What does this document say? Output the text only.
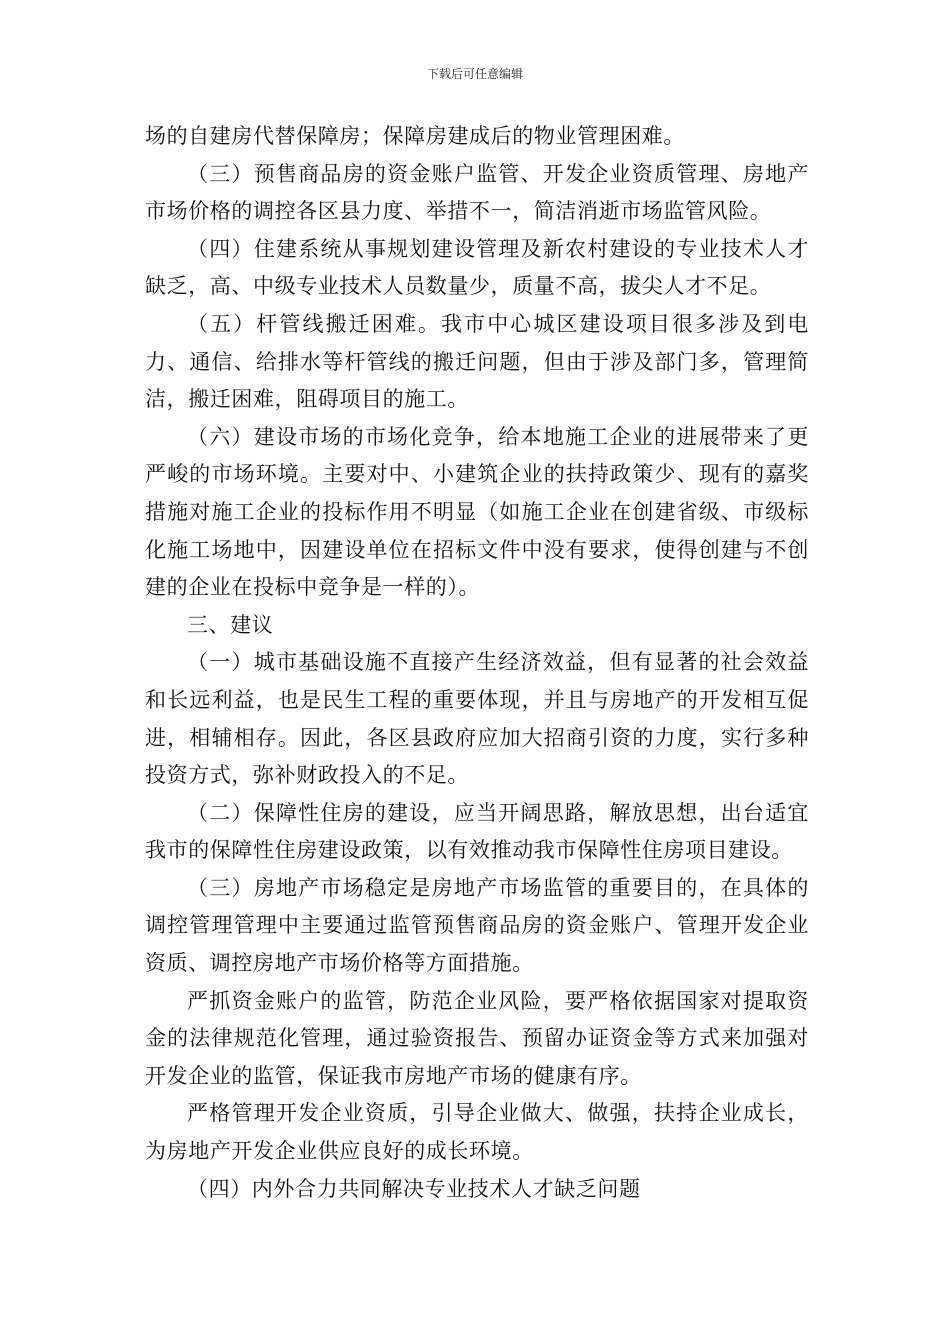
下载后可任意编辑

场的自建房代替保障房；保障房建成后的物业管理困难。

（三）预售商品房的资金账户监管、开发企业资质管理、房地产市场价格的调控各区县力度、举措不一，简洁消逝市场监管风险。

（四）住建系统从事规划建设管理及新农村建设的专业技术人才缺乏，高、中级专业技术人员数量少，质量不高，拔尖人才不足。

（五）杆管线搬迁困难。我市中心城区建设项目很多涉及到电力、通信、给排水等杆管线的搬迁问题，但由于涉及部门多，管理简洁，搬迁困难，阻碍项目的施工。

（六）建设市场的市场化竞争，给本地施工企业的进展带来了更严峻的市场环境。主要对中、小建筑企业的扶持政策少、现有的嘉奖措施对施工企业的投标作用不明显（如施工企业在创建省级、市级标化施工场地中，因建设单位在招标文件中没有要求，使得创建与不创建的企业在投标中竞争是一样的）。

三、建议

（一）城市基础设施不直接产生经济效益，但有显著的社会效益和长远利益，也是民生工程的重要体现，并且与房地产的开发相互促进，相辅相存。因此，各区县政府应加大招商引资的力度，实行多种投资方式，弥补财政投入的不足。

（二）保障性住房的建设，应当开阔思路，解放思想，出台适宜我市的保障性住房建设政策，以有效推动我市保障性住房项目建设。

（三）房地产市场稳定是房地产市场监管的重要目的，在具体的调控管理管理中主要通过监管预售商品房的资金账户、管理开发企业资质、调控房地产市场价格等方面措施。

严抓资金账户的监管，防范企业风险，要严格依据国家对提取资金的法律规范化管理，通过验资报告、预留办证资金等方式来加强对开发企业的监管，保证我市房地产市场的健康有序。

严格管理开发企业资质，引导企业做大、做强，扶持企业成长，为房地产开发企业供应良好的成长环境。

（四）内外合力共同解决专业技术人才缺乏问题
